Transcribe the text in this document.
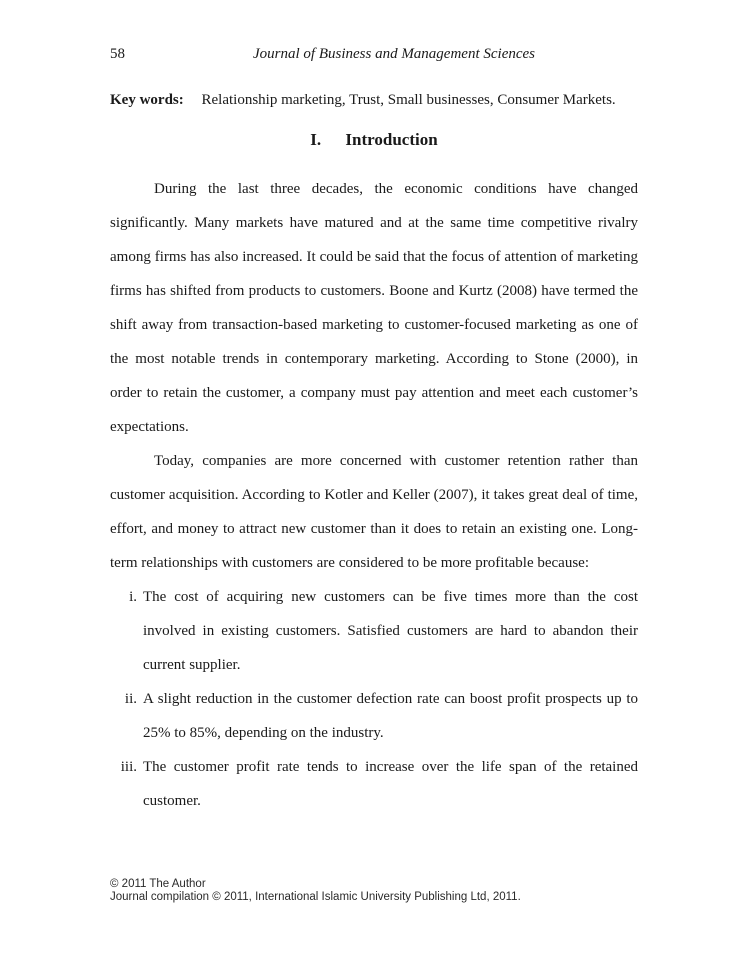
58	Journal of Business and Management Sciences
Key words: Relationship marketing, Trust, Small businesses, Consumer Markets.
I. Introduction

During the last three decades, the economic conditions have changed significantly. Many markets have matured and at the same time competitive rivalry among firms has also increased. It could be said that the focus of attention of marketing firms has shifted from products to customers. Boone and Kurtz (2008) have termed the shift away from transaction-based marketing to customer-focused marketing as one of the most notable trends in contemporary marketing. According to Stone (2000), in order to retain the customer, a company must pay attention and meet each customer’s expectations.

Today, companies are more concerned with customer retention rather than customer acquisition. According to Kotler and Keller (2007), it takes great deal of time, effort, and money to attract new customer than it does to retain an existing one. Long-term relationships with customers are considered to be more profitable because:

i. The cost of acquiring new customers can be five times more than the cost involved in existing customers. Satisfied customers are hard to abandon their current supplier.
ii. A slight reduction in the customer defection rate can boost profit prospects up to 25% to 85%, depending on the industry.
iii. The customer profit rate tends to increase over the life span of the retained customer.
© 2011 The Author
Journal compilation © 2011, International Islamic University Publishing Ltd, 2011.
